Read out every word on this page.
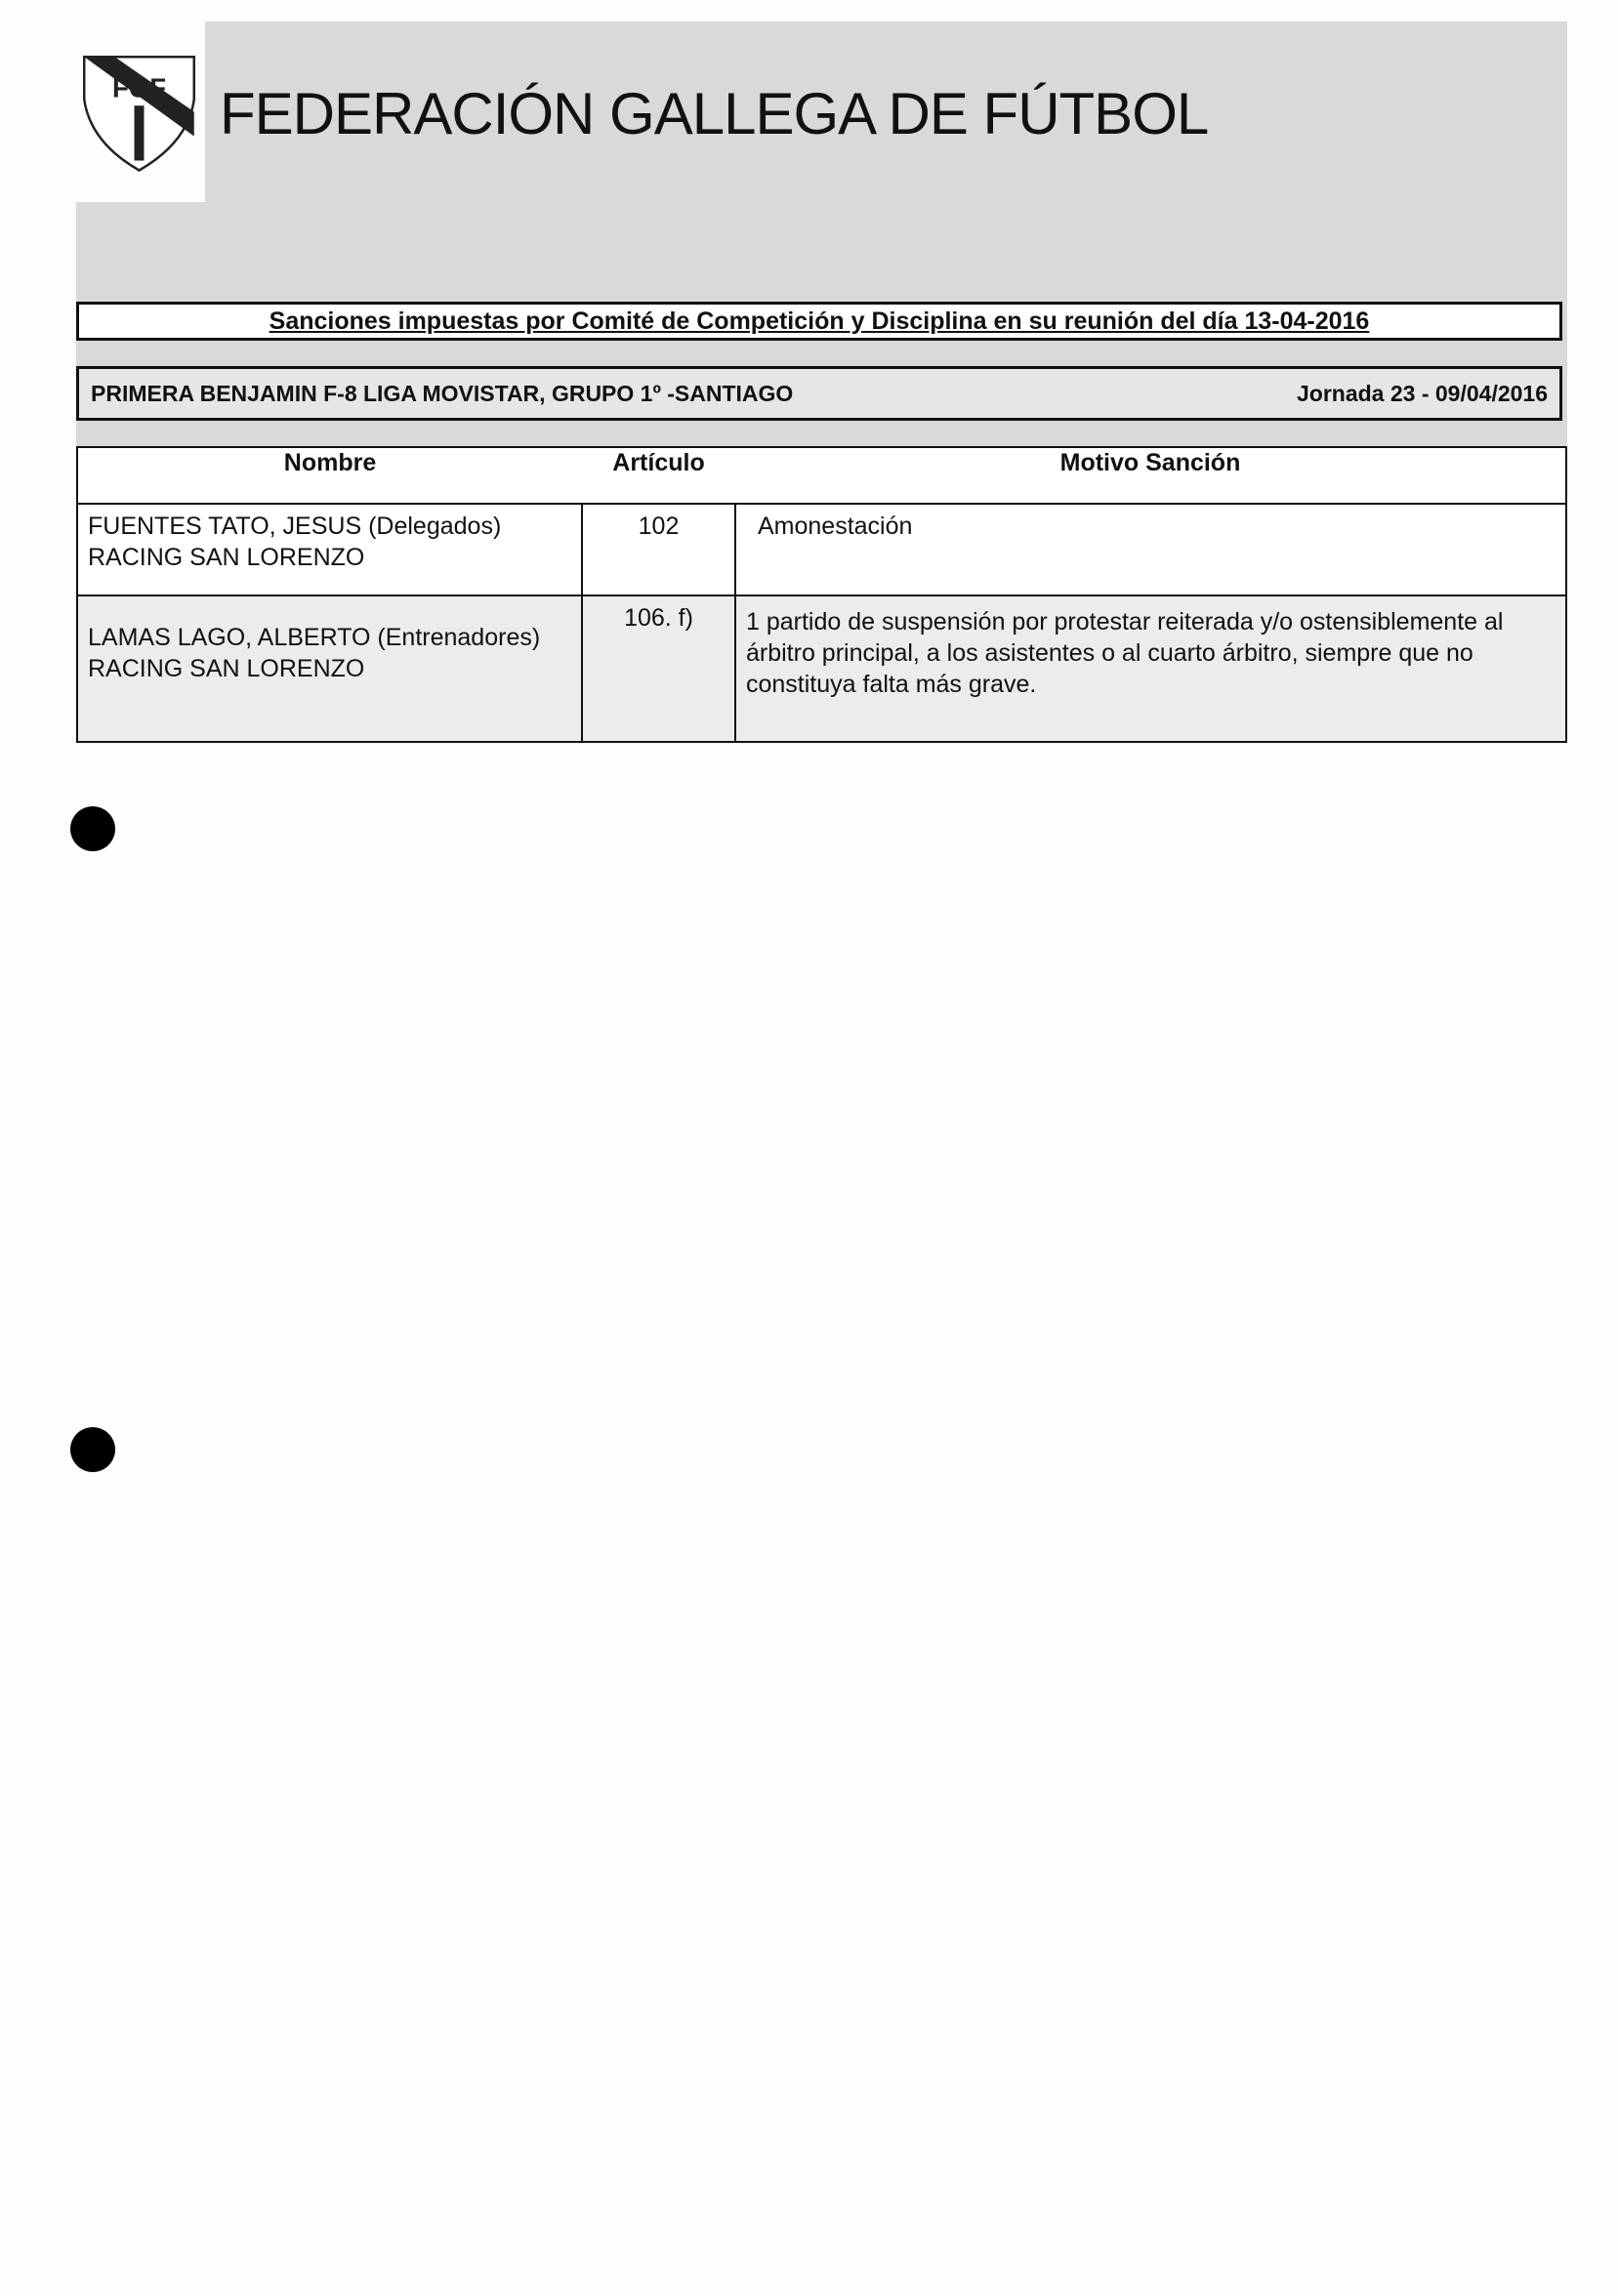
FGF FEDERACIÓN GALLEGA DE FÚTBOL
Sanciones impuestas por Comité de Competición y Disciplina en su reunión del día 13-04-2016
PRIMERA BENJAMIN F-8 LIGA MOVISTAR, GRUPO 1º -SANTIAGO	Jornada 23 - 09/04/2016
Nombre	Artículo	Motivo Sanción

FUENTES TATO, JESUS (Delegados)
RACING SAN LORENZO	102	Amonestación

LAMAS LAGO, ALBERTO (Entrenadores)
RACING SAN LORENZO	106. f)	1 partido de suspensión por protestar reiterada y/o ostensiblemente al árbitro principal, a los asistentes o al cuarto árbitro, siempre que no constituya falta más grave.
